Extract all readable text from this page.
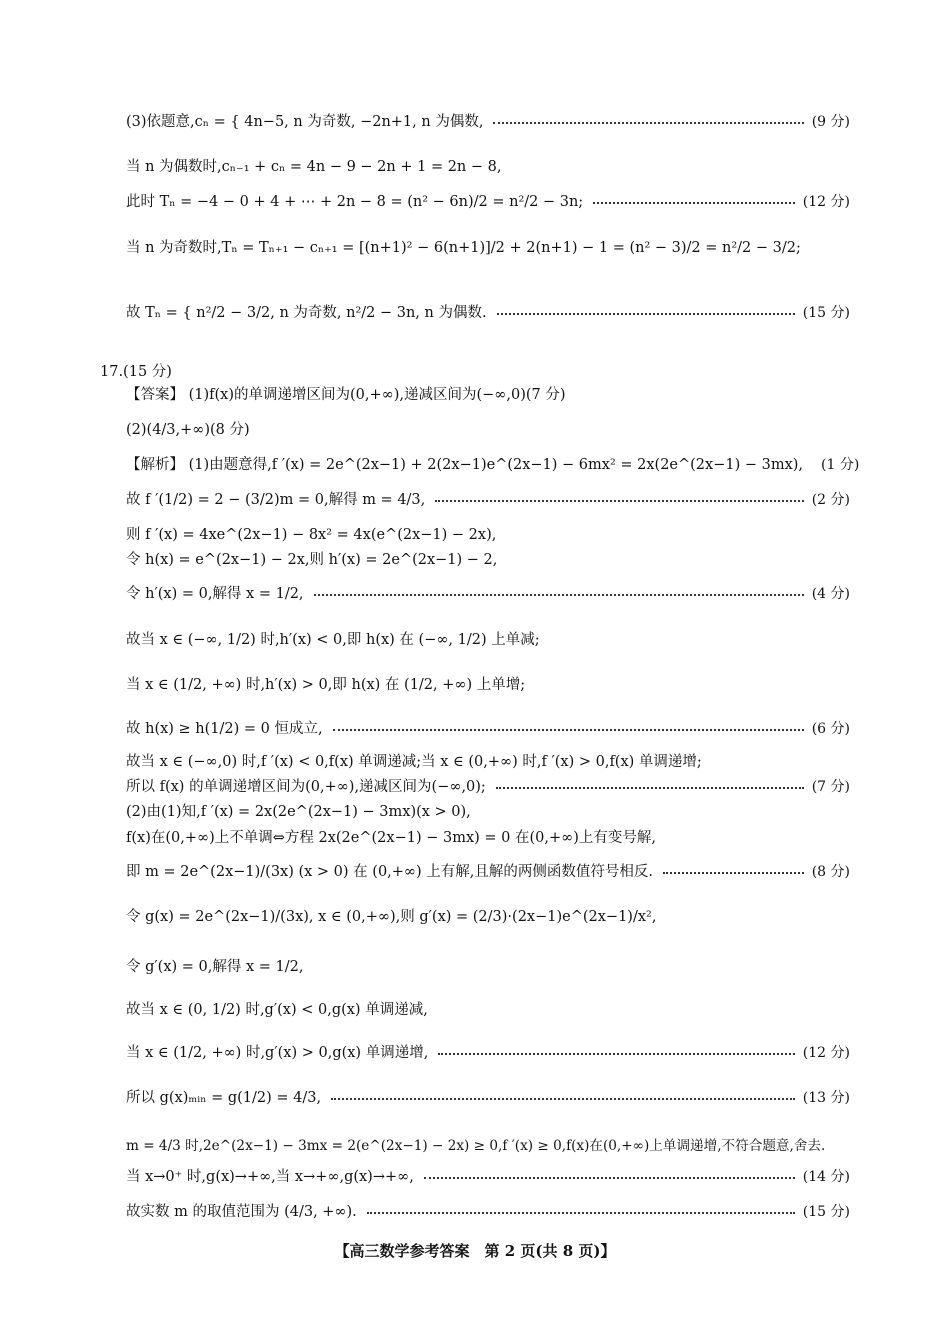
(3)依题意,cₙ = { 4n−5, n 为奇数, −2n+1, n 为偶数,	(9 分)
当 n 为偶数时,cₙ₋₁ + cₙ = 4n − 9 − 2n + 1 = 2n − 8,
此时 Tₙ = −4 − 0 + 4 + ⋯ + 2n − 8 = (n² − 6n)/2 = n²/2 − 3n;	(12 分)
当 n 为奇数时,Tₙ = Tₙ₊₁ − cₙ₊₁ = [(n+1)² − 6(n+1)]/2 + 2(n+1) − 1 = (n² − 3)/2 = n²/2 − 3/2;
故 Tₙ = { n²/2 − 3/2, n 为奇数, n²/2 − 3n, n 为偶数.	(15 分)
17.(15 分)
【答案】 (1)f(x)的单调递增区间为(0,+∞),递减区间为(−∞,0)(7 分)
(2)(4/3,+∞)(8 分)
【解析】 (1)由题意得,f ′(x) = 2e^(2x−1) + 2(2x−1)e^(2x−1) − 6mx² = 2x(2e^(2x−1) − 3mx), (1 分)
故 f ′(1/2) = 2 − (3/2)m = 0,解得 m = 4/3,	(2 分)
则 f ′(x) = 4xe^(2x−1) − 8x² = 4x(e^(2x−1) − 2x),
令 h(x) = e^(2x−1) − 2x,则 h′(x) = 2e^(2x−1) − 2,
令 h′(x) = 0,解得 x = 1/2,	(4 分)
故当 x ∈ (−∞, 1/2) 时,h′(x) < 0,即 h(x) 在 (−∞, 1/2) 上单减;
当 x ∈ (1/2, +∞) 时,h′(x) > 0,即 h(x) 在 (1/2, +∞) 上单增;
故 h(x) ≥ h(1/2) = 0 恒成立,	(6 分)
故当 x ∈ (−∞,0) 时,f ′(x) < 0,f(x) 单调递减;当 x ∈ (0,+∞) 时,f ′(x) > 0,f(x) 单调递增;
所以 f(x) 的单调递增区间为(0,+∞),递减区间为(−∞,0);	(7 分)
(2)由(1)知,f ′(x) = 2x(2e^(2x−1) − 3mx)(x > 0),
f(x)在(0,+∞)上不单调⇔方程 2x(2e^(2x−1) − 3mx) = 0 在(0,+∞)上有变号解,
即 m = 2e^(2x−1)/(3x) (x > 0) 在 (0,+∞) 上有解,且解的两侧函数值符号相反.	(8 分)
令 g(x) = 2e^(2x−1)/(3x), x ∈ (0,+∞),则 g′(x) = (2/3)·(2x−1)e^(2x−1)/x²,
令 g′(x) = 0,解得 x = 1/2,
故当 x ∈ (0, 1/2) 时,g′(x) < 0,g(x) 单调递减,
当 x ∈ (1/2, +∞) 时,g′(x) > 0,g(x) 单调递增,	(12 分)
所以 g(x)ₘᵢₙ = g(1/2) = 4/3,	(13 分)
m = 4/3 时,2e^(2x−1) − 3mx = 2(e^(2x−1) − 2x) ≥ 0,f ′(x) ≥ 0,f(x)在(0,+∞)上单调递增,不符合题意,舍去.
当 x→0⁺ 时,g(x)→+∞,当 x→+∞,g(x)→+∞,	(14 分)
故实数 m 的取值范围为 (4/3, +∞).	(15 分)
【高三数学参考答案　第 2 页(共 8 页)】
